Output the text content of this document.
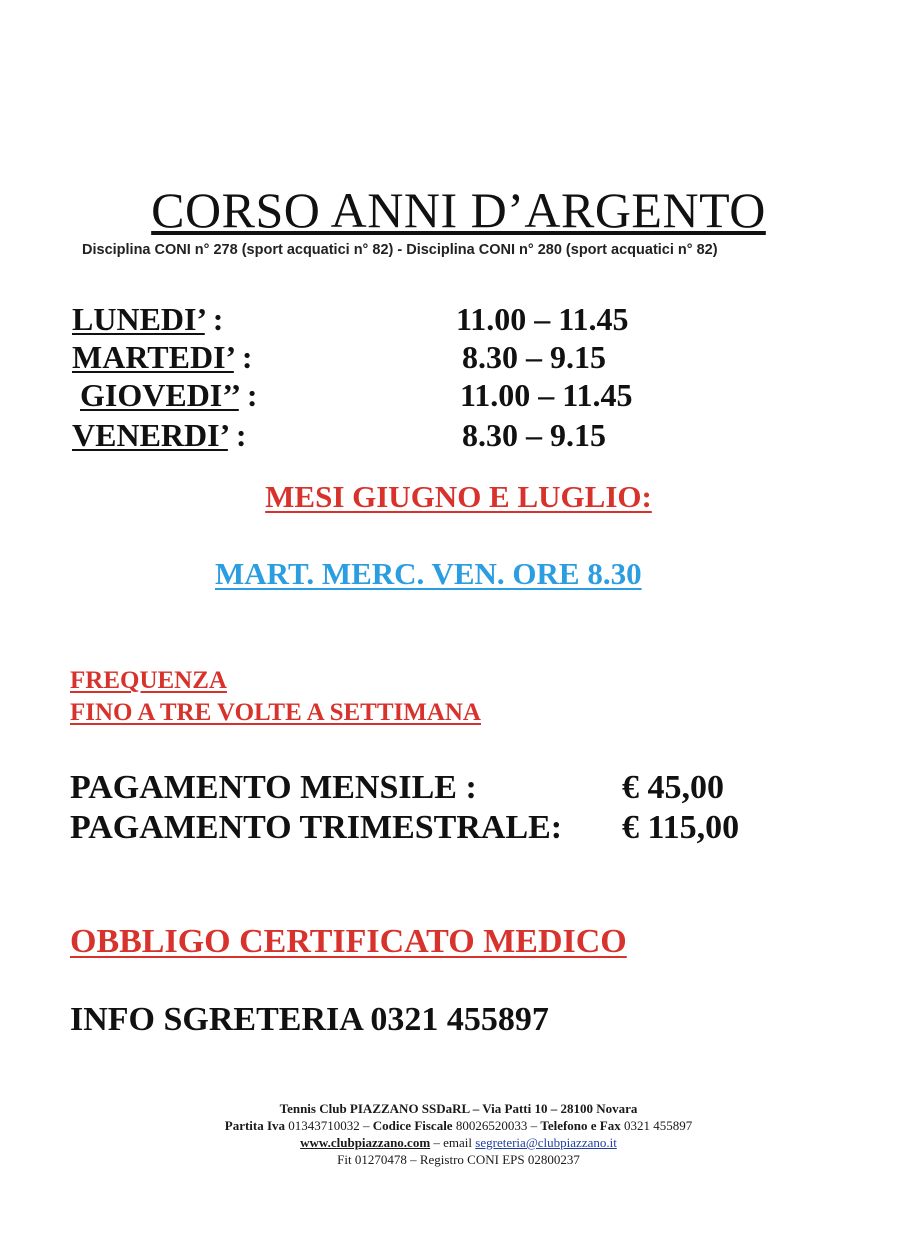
CORSO ANNI D’ARGENTO
Disciplina CONI n° 278 (sport acquatici n° 82) - Disciplina CONI n° 280 (sport acquatici n° 82)
LUNEDI’ :	11.00 – 11.45
MARTEDI’ :	8.30 – 9.15
GIOVEDI’’ :	11.00 – 11.45
VENERDI’ :	8.30 – 9.15
MESI GIUGNO E LUGLIO:
MART. MERC. VEN. ORE 8.30
FREQUENZA
FINO A TRE VOLTE A SETTIMANA
PAGAMENTO MENSILE :	€ 45,00
PAGAMENTO TRIMESTRALE: € 115,00
OBBLIGO CERTIFICATO MEDICO
INFO SGRETERIA 0321 455897
Tennis Club PIAZZANO SSDaRL – Via Patti 10 – 28100 Novara
Partita Iva 01343710032 – Codice Fiscale 80026520033 – Telefono e Fax 0321 455897
www.clubpiazzano.com – email segreteria@clubpiazzano.it
Fit 01270478 – Registro CONI EPS 02800237
